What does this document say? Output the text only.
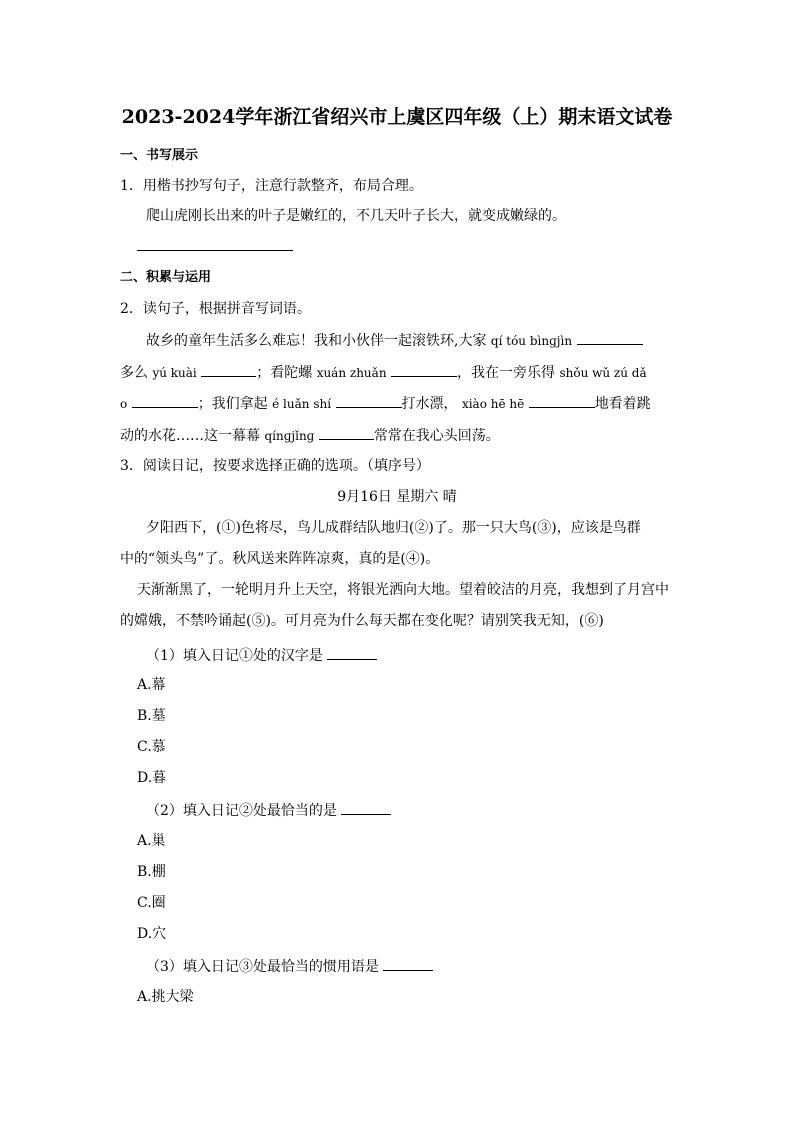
2023-2024学年浙江省绍兴市上虞区四年级（上）期末语文试卷
一、书写展示
1．用楷书抄写句子，注意行款整齐，布局合理。
爬山虎刚长出来的叶子是嫩红的，不几天叶子长大，就变成嫩绿的。
二、积累与运用
2．读句子，根据拼音写词语。
故乡的童年生活多么难忘！我和小伙伴一起滚铁环,大家 qí tóu bìnɡjìn
多么 yú kuài	；看陀螺 xuán zhuǎn	，我在一旁乐得 shǒu wǔ zú dǎ
o	；我们拿起 é luǎn shí	打水漂， xiào hē hē	地看着跳
动的水花……这一幕幕 qínɡjǐnɡ	常常在我心头回荡。
3．阅读日记，按要求选择正确的选项。（填序号）
9月16日 星期六 晴
夕阳西下，(①)色将尽，鸟儿成群结队地归(②)了。那一只大鸟(③)，应该是鸟群
中的“领头鸟”了。秋风送来阵阵凉爽，真的是(④)。
天渐渐黑了，一轮明月升上天空，将银光洒向大地。望着皎洁的月亮，我想到了月宫中
的嫦娥，不禁吟诵起(⑤)。可月亮为什么每天都在变化呢？请别笑我无知，(⑥)
（1）填入日记①处的汉字是
A.幕
B.墓
C.慕
D.暮
（2）填入日记②处最恰当的是
A.巢
B.棚
C.圈
D.穴
（3）填入日记③处最恰当的惯用语是
A.挑大梁
